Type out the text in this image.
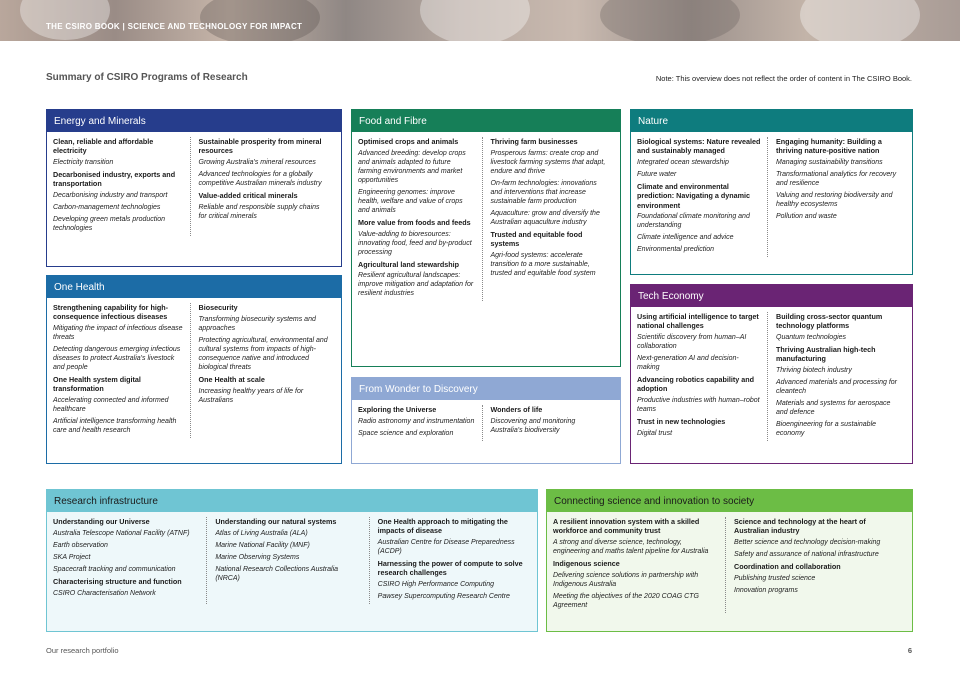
THE CSIRO BOOK | SCIENCE AND TECHNOLOGY FOR IMPACT
Summary of CSIRO Programs of Research	Note: This overview does not reflect the order of content in The CSIRO Book.
Energy and Minerals
Clean, reliable and affordable electricity
Electricity transition
Decarbonised industry, exports and transportation
Decarbonising industry and transport
Carbon-management technologies
Developing green metals production technologies
Sustainable prosperity from mineral resources
Growing Australia's mineral resources
Advanced technologies for a globally competitive Australian minerals industry
Value-added critical minerals
Reliable and responsible supply chains for critical minerals
Food and Fibre
Optimised crops and animals
Advanced breeding: develop crops and animals adapted to future farming environments and market opportunities
Engineering genomes: improve health, welfare and value of crops and animals
More value from foods and feeds
Value-adding to bioresources: innovating food, feed and by-product processing
Agricultural land stewardship
Resilient agricultural landscapes: improve mitigation and adaptation for resilient industries
Thriving farm businesses
Prosperous farms: create crop and livestock farming systems that adapt, endure and thrive
On-farm technologies: innovations and interventions that increase sustainable farm production
Aquaculture: grow and diversify the Australian aquaculture industry
Trusted and equitable food systems
Agri-food systems: accelerate transition to a more sustainable, trusted and equitable food system
Nature
Biological systems: Nature revealed and sustainably managed
Integrated ocean stewardship
Future water
Climate and environmental prediction: Navigating a dynamic environment
Foundational climate monitoring and understanding
Climate intelligence and advice
Environmental prediction
Engaging humanity: Building a thriving nature-positive nation
Managing sustainability transitions
Transformational analytics for recovery and resilience
Valuing and restoring biodiversity and healthy ecosystems
Pollution and waste
One Health
Strengthening capability for high-consequence infectious diseases
Mitigating the impact of infectious disease threats
Detecting dangerous emerging infectious diseases to protect Australia's livestock and people
One Health system digital transformation
Accelerating connected and informed healthcare
Artificial intelligence transforming health care and health research
Biosecurity
Transforming biosecurity systems and approaches
Protecting agricultural, environmental and cultural systems from impacts of high-consequence native and introduced biological threats
One Health at scale
Increasing healthy years of life for Australians
From Wonder to Discovery
Exploring the Universe
Radio astronomy and instrumentation
Space science and exploration
Wonders of life
Discovering and monitoring Australia's biodiversity
Tech Economy
Using artificial intelligence to target national challenges
Scientific discovery from human–AI collaboration
Next-generation AI and decision-making
Advancing robotics capability and adoption
Productive industries with human–robot teams
Trust in new technologies
Digital trust
Building cross-sector quantum technology platforms
Quantum technologies
Thriving Australian high-tech manufacturing
Thriving biotech industry
Advanced materials and processing for cleantech
Materials and systems for aerospace and defence
Bioengineering for a sustainable economy
Research infrastructure
Understanding our Universe
Australia Telescope National Facility (ATNF)
Earth observation
SKA Project
Spacecraft tracking and communication
Characterising structure and function
CSIRO Characterisation Network
Understanding our natural systems
Atlas of Living Australia (ALA)
Marine National Facility (MNF)
Marine Observing Systems
National Research Collections Australia (NRCA)
One Health approach to mitigating the impacts of disease
Australian Centre for Disease Preparedness (ACDP)
Harnessing the power of compute to solve research challenges
CSIRO High Performance Computing
Pawsey Supercomputing Research Centre
Connecting science and innovation to society
A resilient innovation system with a skilled workforce and community trust
A strong and diverse science, technology, engineering and maths talent pipeline for Australia
Indigenous science
Delivering science solutions in partnership with Indigenous Australia
Meeting the objectives of the 2020 COAG CTG Agreement
Science and technology at the heart of Australian industry
Better science and technology decision-making
Safety and assurance of national infrastructure
Coordination and collaboration
Publishing trusted science
Innovation programs
Our research portfolio	6
